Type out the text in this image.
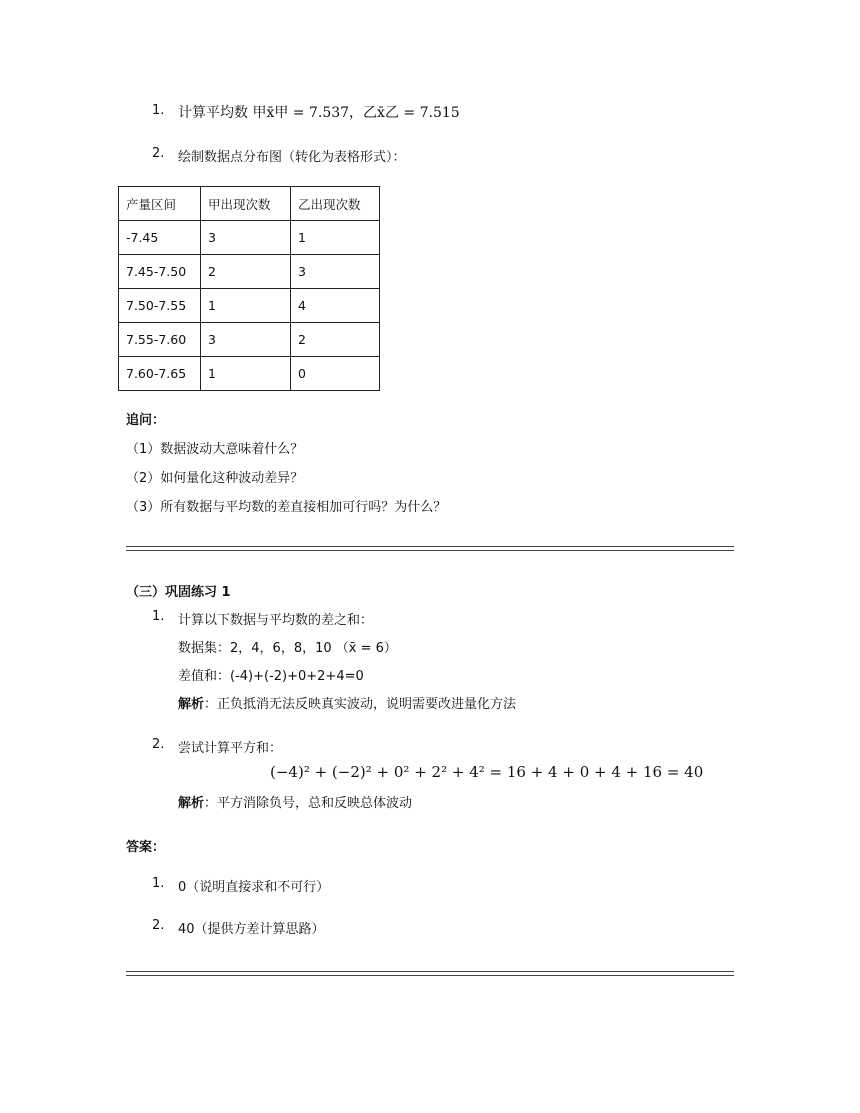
1. 计算平均数 甲x̄甲 = 7.537，乙x̄乙 = 7.515
2. 绘制数据点分布图（转化为表格形式）：
产量区间	甲出现次数	乙出现次数
-7.45	3	1
7.45-7.50	2	3
7.50-7.55	1	4
7.55-7.60	3	2
7.60-7.65	1	0
追问：
（1）数据波动大意味着什么？
（2）如何量化这种波动差异？
（3）所有数据与平均数的差直接相加可行吗？为什么？
（三）巩固练习 1
1. 计算以下数据与平均数的差之和：
数据集：2，4，6，8，10 （x̄ = 6）
差值和：(-4)+(-2)+0+2+4=0
解析：正负抵消无法反映真实波动，说明需要改进量化方法
2. 尝试计算平方和：
(−4)² + (−2)² + 0² + 2² + 4² = 16 + 4 + 0 + 4 + 16 = 40
解析：平方消除负号，总和反映总体波动
答案：
1. 0（说明直接求和不可行）
2. 40（提供方差计算思路）
